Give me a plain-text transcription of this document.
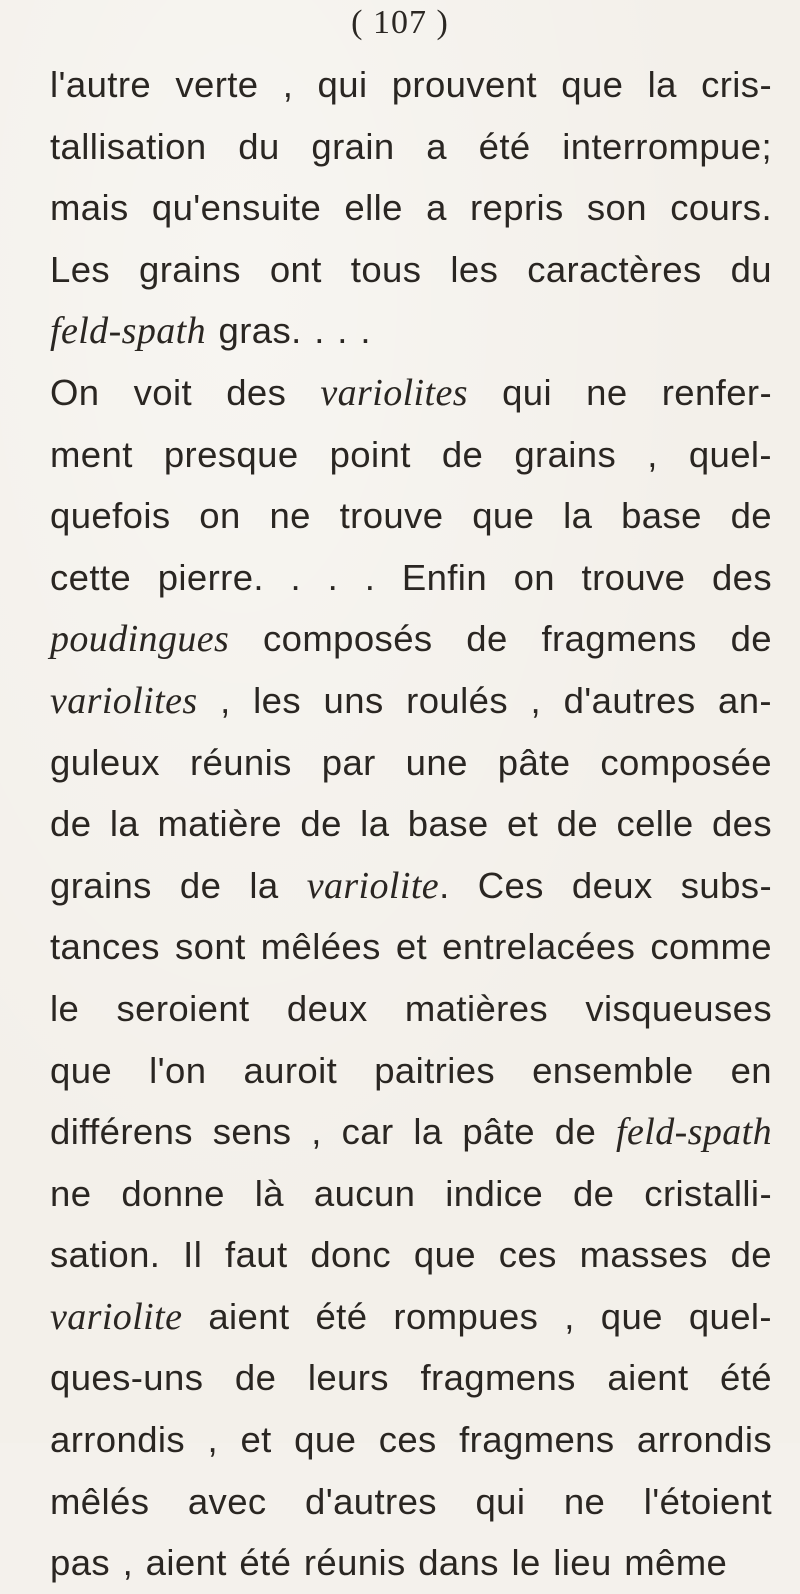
( 107 )
l'autre verte , qui prouvent que la cris-
tallisation du grain a été interrompue;
mais qu'ensuite elle a repris son cours.
Les grains ont tous les caractères du
feld-spath gras. . . .
On voit des variolites qui ne renfer-
ment presque point de grains , quel-
quefois on ne trouve que la base de
cette pierre. . . . Enfin on trouve des
poudingues composés de fragmens de
variolites , les uns roulés , d'autres an-
guleux réunis par une pâte composée
de la matière de la base et de celle des
grains de la variolite. Ces deux subs-
tances sont mêlées et entrelacées comme
le seroient deux matières visqueuses
que l'on auroit paitries ensemble en
différens sens , car la pâte de feld-spath
ne donne là aucun indice de cristalli-
sation. Il faut donc que ces masses de
variolite aient été rompues , que quel-
ques-uns de leurs fragmens aient été
arrondis , et que ces fragmens arrondis
mêlés avec d'autres qui ne l'étoient
pas , aient été réunis dans le lieu même
